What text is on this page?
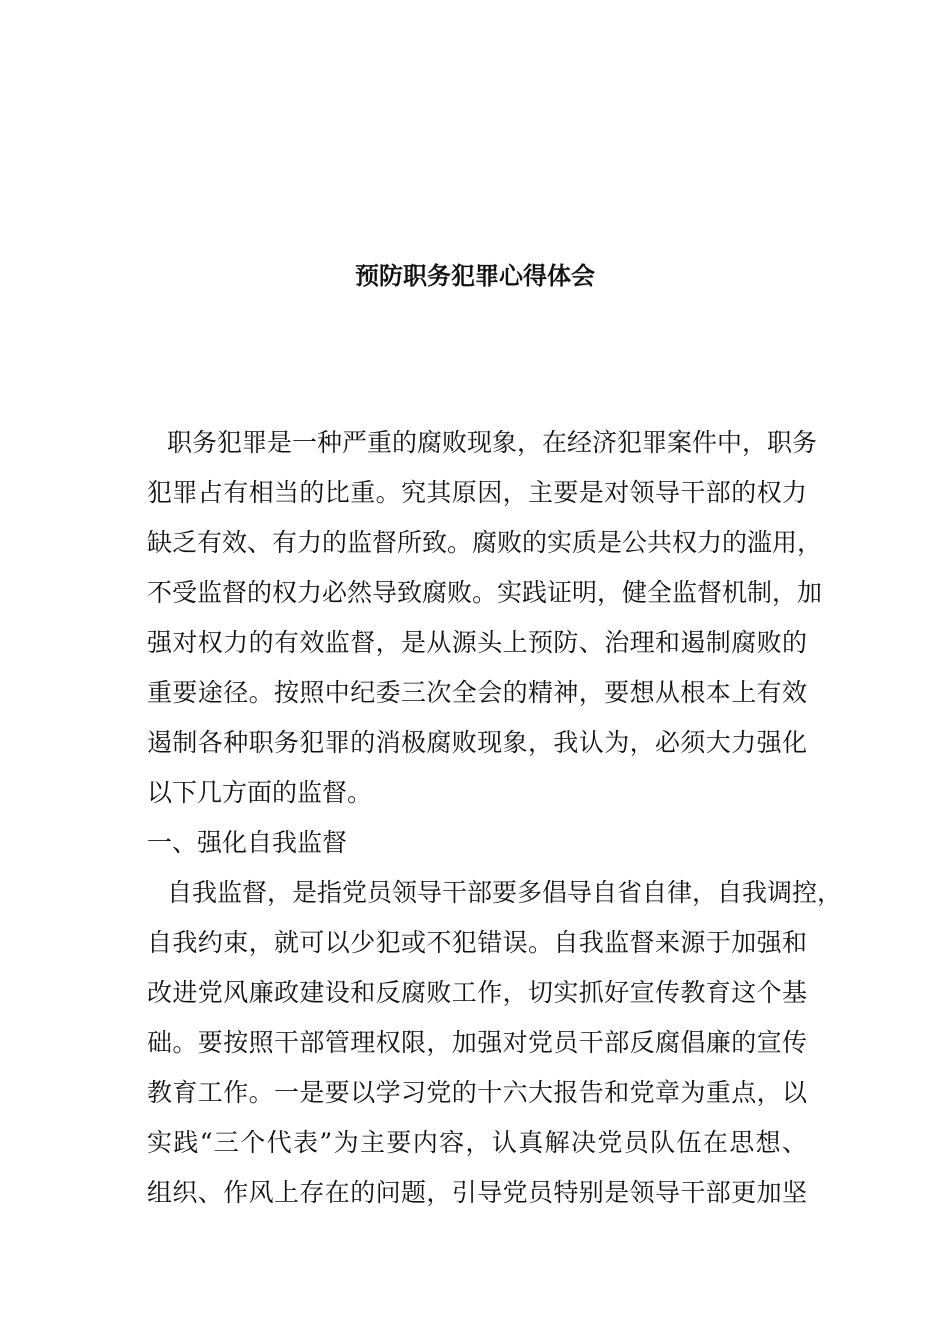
预防职务犯罪心得体会
职务犯罪是一种严重的腐败现象，在经济犯罪案件中，职务
犯罪占有相当的比重。究其原因，主要是对领导干部的权力
缺乏有效、有力的监督所致。腐败的实质是公共权力的滥用，
不受监督的权力必然导致腐败。实践证明，健全监督机制，加
强对权力的有效监督，是从源头上预防、治理和遏制腐败的
重要途径。按照中纪委三次全会的精神，要想从根本上有效
遏制各种职务犯罪的消极腐败现象，我认为，必须大力强化
以下几方面的监督。
一、强化自我监督
自我监督，是指党员领导干部要多倡导自省自律，自我调控，
自我约束，就可以少犯或不犯错误。自我监督来源于加强和
改进党风廉政建设和反腐败工作，切实抓好宣传教育这个基
础。要按照干部管理权限，加强对党员干部反腐倡廉的宣传
教育工作。一是要以学习党的十六大报告和党章为重点，以
实践“三个代表”为主要内容，认真解决党员队伍在思想、
组织、作风上存在的问题，引导党员特别是领导干部更加坚
